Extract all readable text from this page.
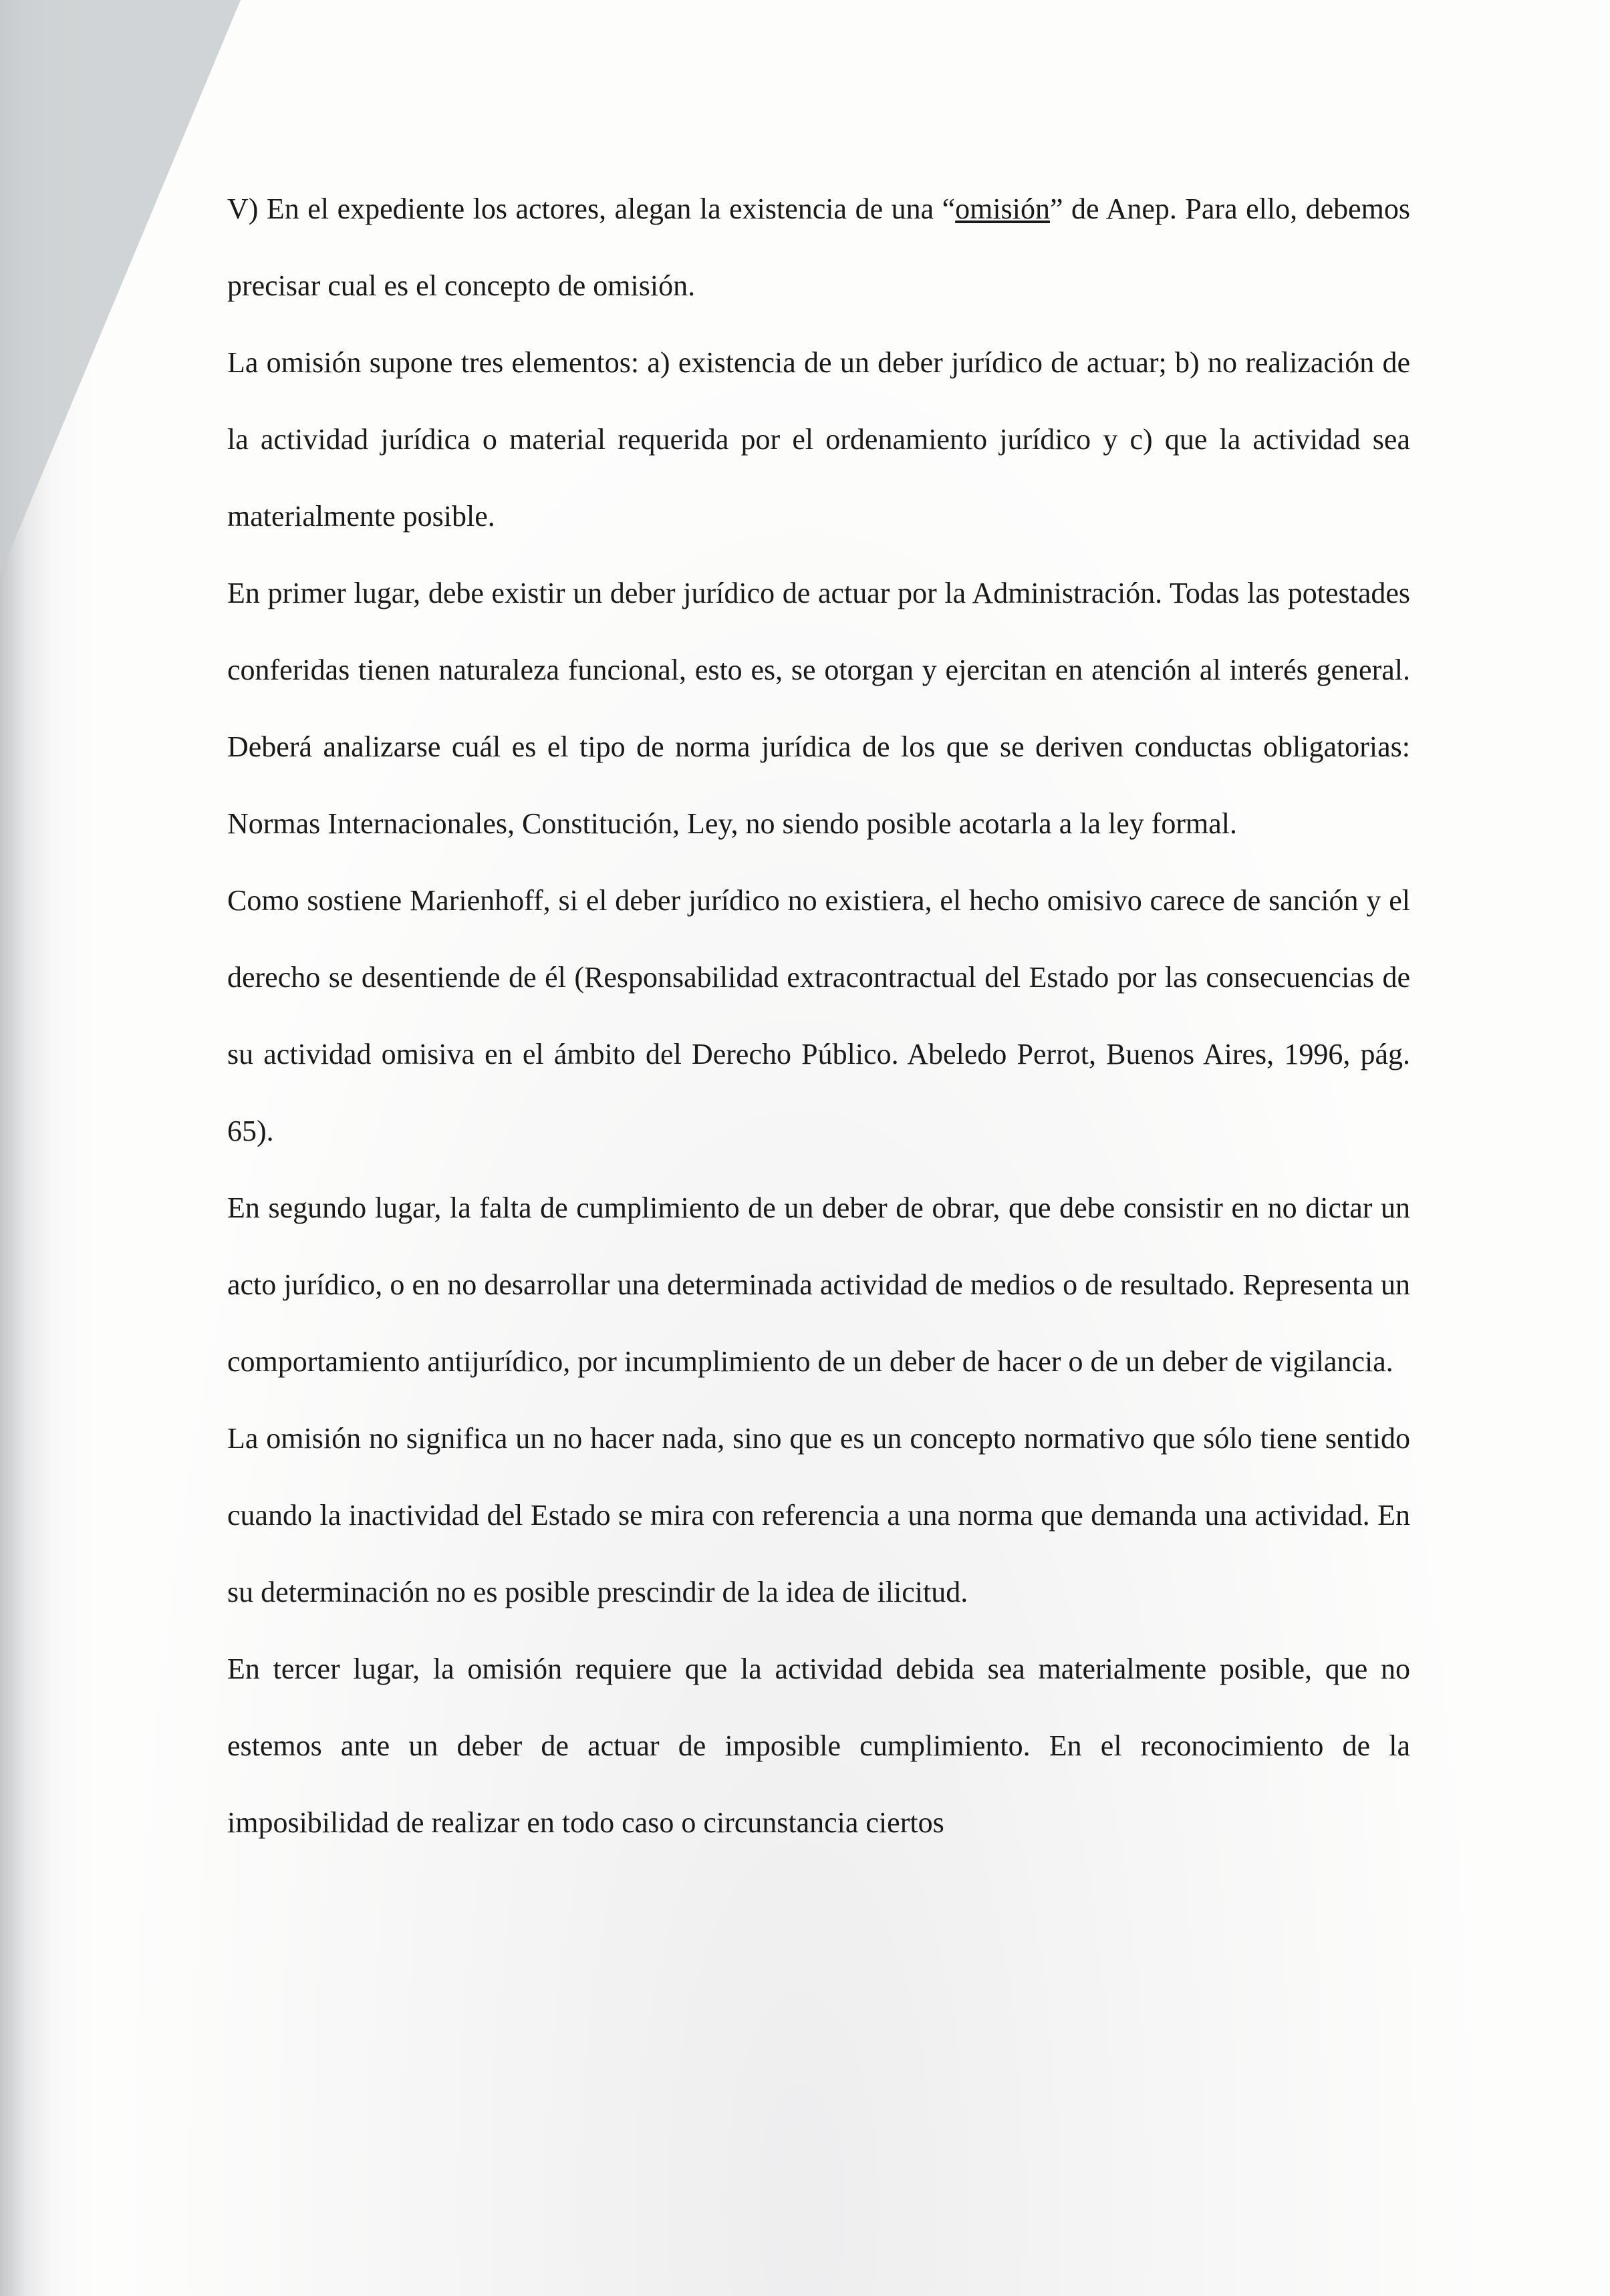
V) En el expediente los actores, alegan la existencia de una “omisión” de Anep. Para ello, debemos precisar cual es el concepto de omisión.

La omisión supone tres elementos: a) existencia de un deber jurídico de actuar; b) no realización de la actividad jurídica o material requerida por el ordenamiento jurídico y c) que la actividad sea materialmente posible.

En primer lugar, debe existir un deber jurídico de actuar por la Administración. Todas las potestades conferidas tienen naturaleza funcional, esto es, se otorgan y ejercitan en atención al interés general. Deberá analizarse cuál es el tipo de norma jurídica de los que se deriven conductas obligatorias: Normas Internacionales, Constitución, Ley, no siendo posible acotarla a la ley formal.

Como sostiene Marienhoff, si el deber jurídico no existiera, el hecho omisivo carece de sanción y el derecho se desentiende de él (Responsabilidad extracontractual del Estado por las consecuencias de su actividad omisiva en el ámbito del Derecho Público. Abeledo Perrot, Buenos Aires, 1996, pág. 65).

En segundo lugar, la falta de cumplimiento de un deber de obrar, que debe consistir en no dictar un acto jurídico, o en no desarrollar una determinada actividad de medios o de resultado. Representa un comportamiento antijurídico, por incumplimiento de un deber de hacer o de un deber de vigilancia.

La omisión no significa un no hacer nada, sino que es un concepto normativo que sólo tiene sentido cuando la inactividad del Estado se mira con referencia a una norma que demanda una actividad. En su determinación no es posible prescindir de la idea de ilicitud.

En tercer lugar, la omisión requiere que la actividad debida sea materialmente posible, que no estemos ante un deber de actuar de imposible cumplimiento. En el reconocimiento de la imposibilidad de realizar en todo caso o circunstancia ciertos
